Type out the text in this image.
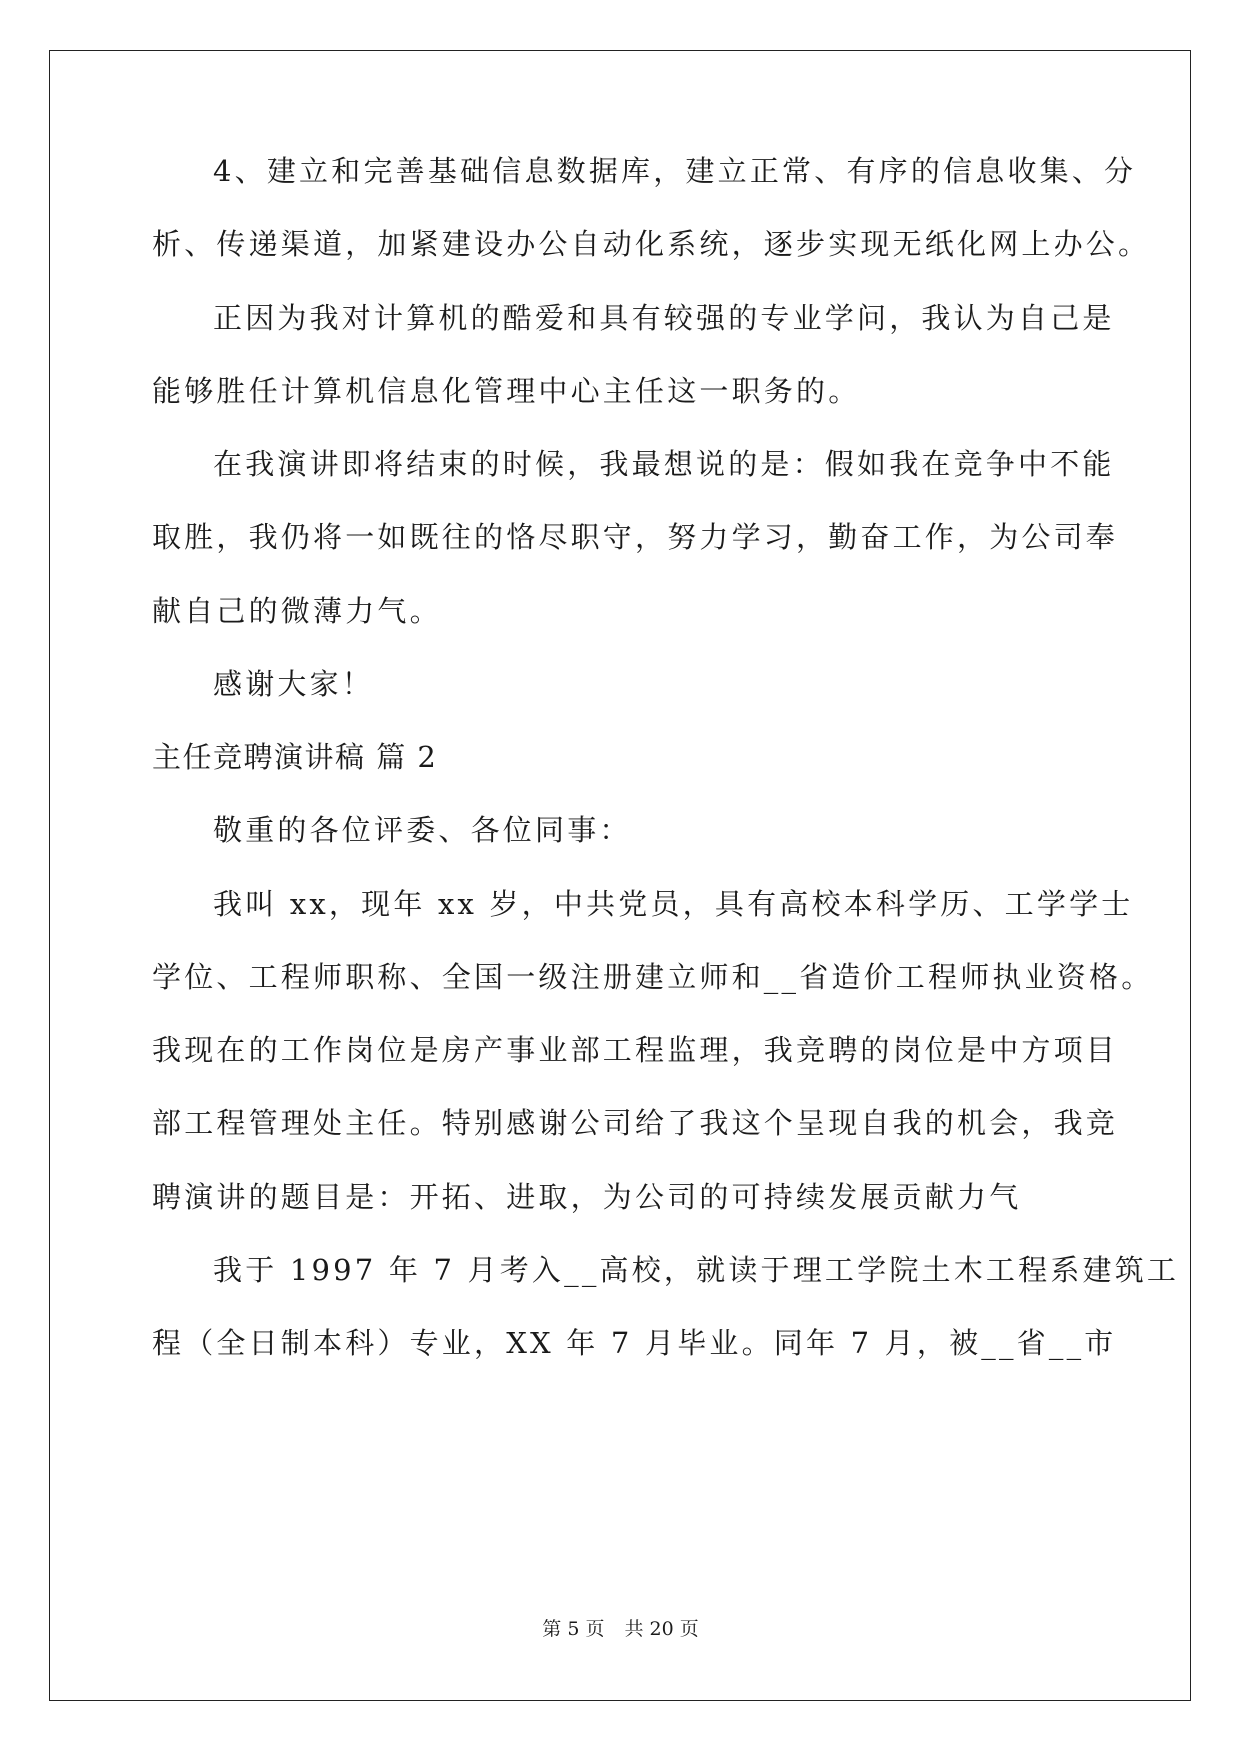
4、建立和完善基础信息数据库，建立正常、有序的信息收集、分
析、传递渠道，加紧建设办公自动化系统，逐步实现无纸化网上办公。
正因为我对计算机的酷爱和具有较强的专业学问，我认为自己是
能够胜任计算机信息化管理中心主任这一职务的。
在我演讲即将结束的时候，我最想说的是：假如我在竞争中不能
取胜，我仍将一如既往的恪尽职守，努力学习，勤奋工作，为公司奉
献自己的微薄力气。
感谢大家！
主任竞聘演讲稿 篇 2
敬重的各位评委、各位同事：
我叫 xx，现年 xx 岁，中共党员，具有高校本科学历、工学学士
学位、工程师职称、全国一级注册建立师和__省造价工程师执业资格。
我现在的工作岗位是房产事业部工程监理，我竞聘的岗位是中方项目
部工程管理处主任。特别感谢公司给了我这个呈现自我的机会，我竞
聘演讲的题目是：开拓、进取，为公司的可持续发展贡献力气
我于 1997 年 7 月考入__高校，就读于理工学院土木工程系建筑工
程（全日制本科）专业，XX 年 7 月毕业。同年 7 月，被__省__市
第 5 页 共 20 页
